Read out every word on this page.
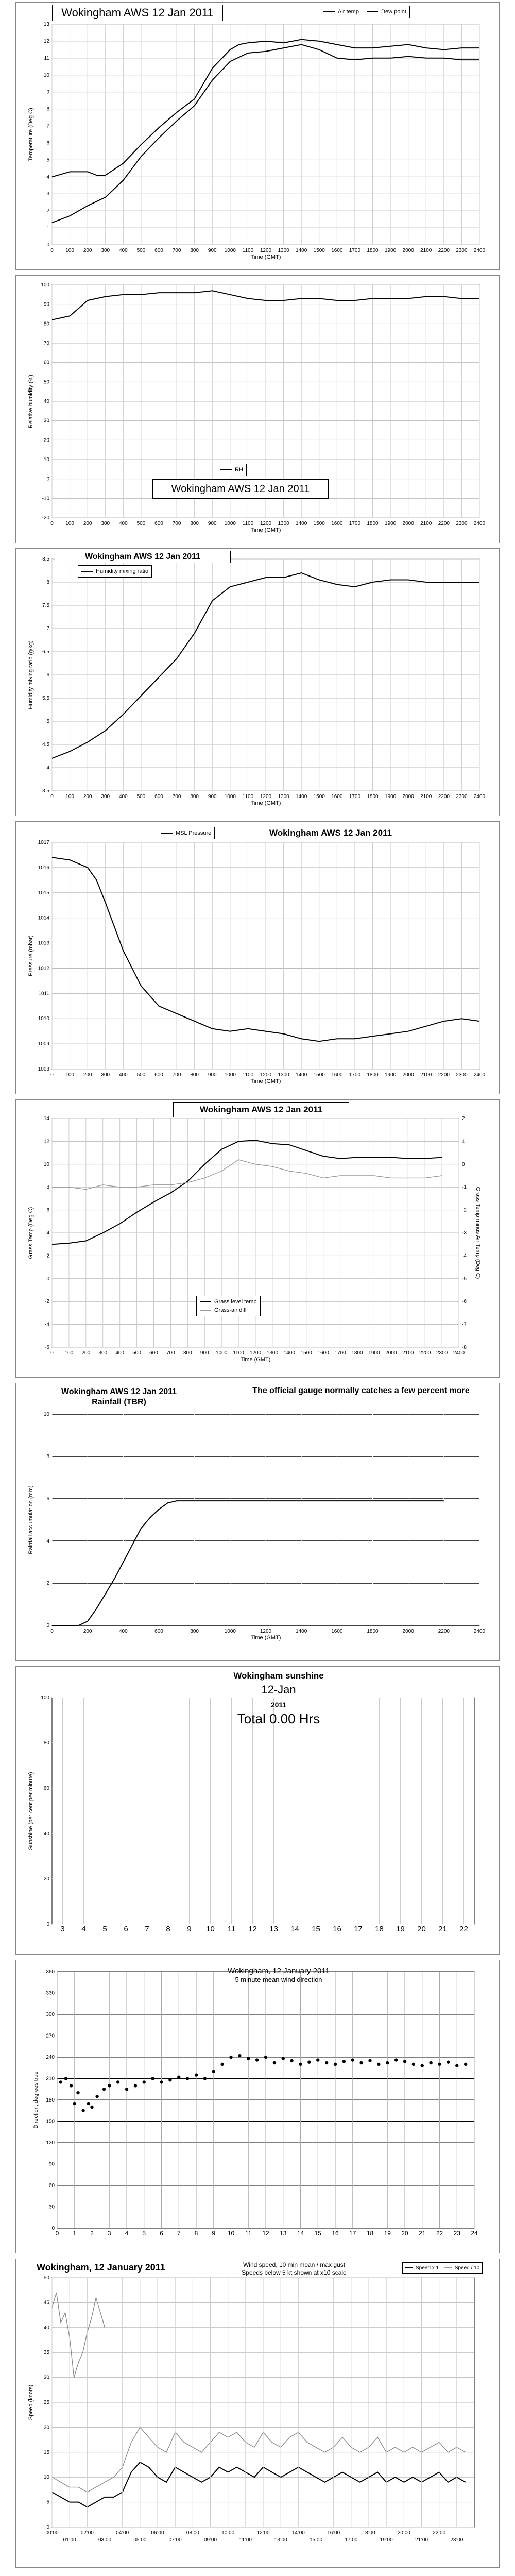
0
1
2
3
4
5
6
7
8
9
10
11
12
13
0 100 200 300 400 500 600 700 800 900 1000 1100 1200 1300 1400 1500 1600 1700 1800 1900 2000 2100 2200 2300 2400
Time (GMT)
Temperature (Deg C)
Wokingham AWS 12 Jan 2011	Air temp
	Dew point
-20
-10
0
10
20
30
40
50
60
70
80
90
100
0 100 200 300 400 500 600 700 800 900 1000 1100 1200 1300 1400 1500 1600 1700 1800 1900 2000 2100 2200 2300 2400
Time (GMT)
Relative humidity (%)
Wokingham AWS 12 Jan 2011
RH
3.5
4
4.5
5
5.5
6
6.5
7
7.5
8
8.5
0 100 200 300 400 500 600 700 800 900 1000 1100 1200 1300 1400 1500 1600 1700 1800 1900 2000 2100 2200 2300 2400
Time (GMT)
Humidity mixing ratio (g/kg)
Wokingham AWS 12 Jan 2011
Humidity mixing ratio
1008
1009
1010
1011
1012
1013
1014
1015
1016
1017
0 100 200 300 400 500 600 700 800 900 1000 1100 1200 1300 1400 1500 1600 1700 1800 1900 2000 2100 2200 2300 2400
Time (GMT)
Pressure (mbar)
MSL Pressure	Wokingham AWS 12 Jan 2011
-6
-4
-2
0
2
4
6
8
10
12
14
0 100 200 300 400 500 600 700 800 900 1000 1100 1200 1300 1400 1500 1600 1700 1800 1900 2000 2100 2200 2300 2400
Time (GMT)
Grass Temp (Deg C)
-8
-7
-6
-5
-4
-3
-2
-1
0
1
2
Grass Temp minus Air Temp (Deg C)
Wokingham AWS 12 Jan 2011
Grass level temp
Grass-air diff
0
2
4
6
8
10
0	200	400	600	800	1000	1200	1400	1600	1800	2000	2200	2400
Time (GMT)
Rainfall accumulation (mm)
Wokingham AWS 12 Jan 2011
Rainfall (TBR)
The official gauge normally catches a few percent more
0
20
40
60
80
100
3 4 5 6 7 8 9 10 11 12 13 14 15 16 17 18 19 20 21 22
Sunshine (per cent per minute)
Wokingham sunshine
12-Jan
2011
Total 0.00 Hrs
0
30
60
90
120
150
180
210
240
270
300
330
360
0 1 2 3 4 5 6 7 8 9 10 11 12 13 14 15 16 17 18 19 20 21 22 23 24
Direction, degrees true
Wokingham, 12 January 2011
5 minute mean wind direction
0
5
10
15
20
25
30
35
40
45
50
Speed (knots)
00:00	02:00	04:00	06:00	08:00	10:00	12:00	14:00	16:00	18:00	20:00	22:00
01:00	03:00	05:00	07:00	09:00	11:00	13:00	15:00	17:00	19:00	21:00	23:00
Wokingham, 12 January 2011	Wind speed, 10 min mean / max gust
Speeds below 5 kt shown at x10 scale
Speed x 1
	Speed / 10
